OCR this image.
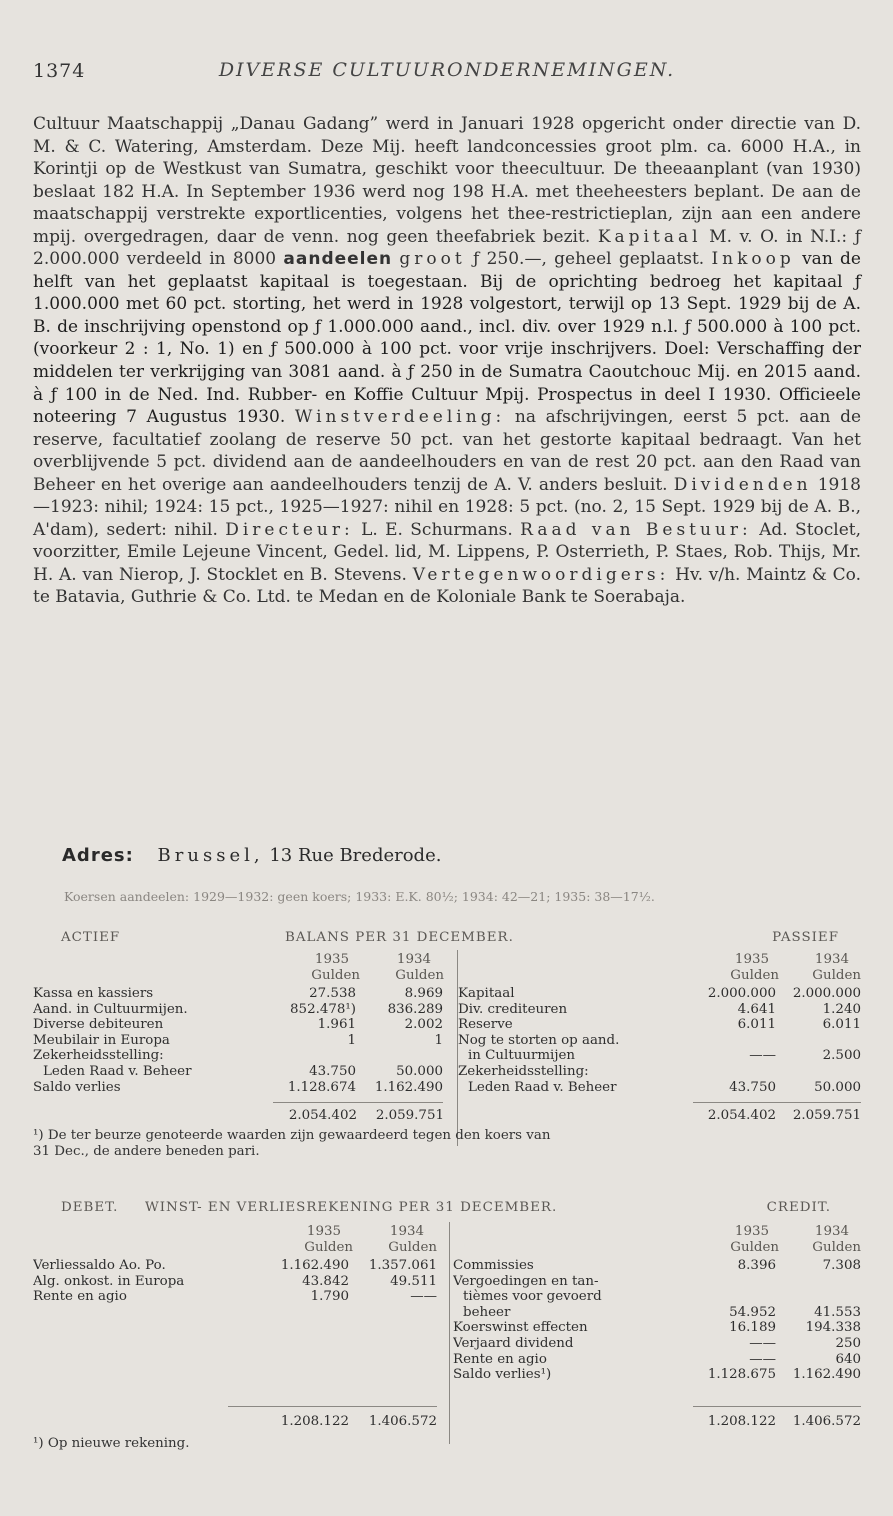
1374	DIVERSE CULTUURONDERNEMINGEN.

Cultuur Maatschappij „Danau Gadang” werd in Januari 1928 opgericht onder directie van D. M. & C. Watering, Amsterdam. Deze Mij. heeft landconcessies groot plm. ca. 6000 H.A., in Korintji op de Westkust van Sumatra, geschikt voor theecultuur. De theeaanplant (van 1930) beslaat 182 H.A. In September 1936 werd nog 198 H.A. met theeheesters beplant. De aan de maatschappij verstrekte exportlicenties, volgens het thee-restrictieplan, zijn aan een andere mpij. overgedragen, daar de venn. nog geen theefabriek bezit. Kapitaal M. v. O. in N.I.: ƒ 2.000.000 verdeeld in 8000 aandeelen groot ƒ 250.—, geheel geplaatst. Inkoop van de helft van het geplaatst kapitaal is toegestaan. Bij de oprichting bedroeg het kapitaal ƒ 1.000.000 met 60 pct. storting, het werd in 1928 volgestort, terwijl op 13 Sept. 1929 bij de A. B. de inschrijving openstond op ƒ 1.000.000 aand., incl. div. over 1929 n.l. ƒ 500.000 à 100 pct. (voorkeur 2 : 1, No. 1) en ƒ 500.000 à 100 pct. voor vrije inschrijvers. Doel: Verschaffing der middelen ter verkrijging van 3081 aand. à ƒ 250 in de Sumatra Caoutchouc Mij. en 2015 aand. à ƒ 100 in de Ned. Ind. Rubber- en Koffie Cultuur Mpij. Prospectus in deel I 1930. Officieele noteering 7 Augustus 1930. Winstverdeeling: na afschrijvingen, eerst 5 pct. aan de reserve, facultatief zoolang de reserve 50 pct. van het gestorte kapitaal bedraagt. Van het overblijvende 5 pct. dividend aan de aandeelhouders en van de rest 20 pct. aan den Raad van Beheer en het overige aan aandeelhouders tenzij de A. V. anders besluit. Dividenden 1918—1923: nihil; 1924: 15 pct., 1925—1927: nihil en 1928: 5 pct. (no. 2, 15 Sept. 1929 bij de A. B., A'dam), sedert: nihil. Directeur: L. E. Schurmans. Raad van Bestuur: Ad. Stoclet, voorzitter, Emile Lejeune Vincent, Gedel. lid, M. Lippens, P. Osterrieth, P. Staes, Rob. Thijs, Mr. H. A. van Nierop, J. Stocklet en B. Stevens. Vertegenwoordigers: Hv. v/h. Maintz & Co. te Batavia, Guthrie & Co. Ltd. te Medan en de Koloniale Bank te Soerabaja.

Adres: Brussel, 13 Rue Brederode.
Koersen aandeelen: 1929—1932: geen koers; 1933: E.K. 80½; 1934: 42—21; 1935: 38—17½.
ACTIEF	BALANS PER 31 DECEMBER.	PASSIEF
1935	1934
Gulden	Gulden
1935	1934
Gulden Gulden
Kassa en kassiers	27.538	8.969
Aand. in Cultuurmijen.	852.478¹) 836.289
Diverse debiteuren	1.961	2.002
Meubilair in Europa	1	1
Zekerheidsstelling:
Leden Raad v. Beheer	43.750	50.000
Saldo verlies	1.128.674 1.162.490
Kapitaal	2.000.000 2.000.000
Div. crediteuren	4.641	1.240
Reserve	6.011	6.011
Nog te storten op aand.
in Cultuurmijen	——	2.500
Zekerheidsstelling:
Leden Raad v. Beheer	43.750	50.000
2.054.402 2.059.751	2.054.402 2.059.751
¹) De ter beurze genoteerde waarden zijn gewaardeerd tegen den koers van
31 Dec., de andere beneden pari.
DEBET. WINST- EN VERLIESREKENING PER 31 DECEMBER.	CREDIT.
1935	1934
Gulden	Gulden
1935	1934
Gulden Gulden
Verliessaldo Ao. Po.	1.162.490 1.357.061
Alg. onkost. in Europa	43.842	49.511
Rente en agio	1.790	——
Commissies	8.396	7.308
Vergoedingen en tan-
tièmes voor gevoerd
beheer	54.952	41.553
Koerswinst effecten	16.189 194.338
Verjaard dividend	——	250
Rente en agio	——	640
Saldo verlies¹)	1.128.675 1.162.490
1.208.122 1.406.572	1.208.122 1.406.572
¹) Op nieuwe rekening.
